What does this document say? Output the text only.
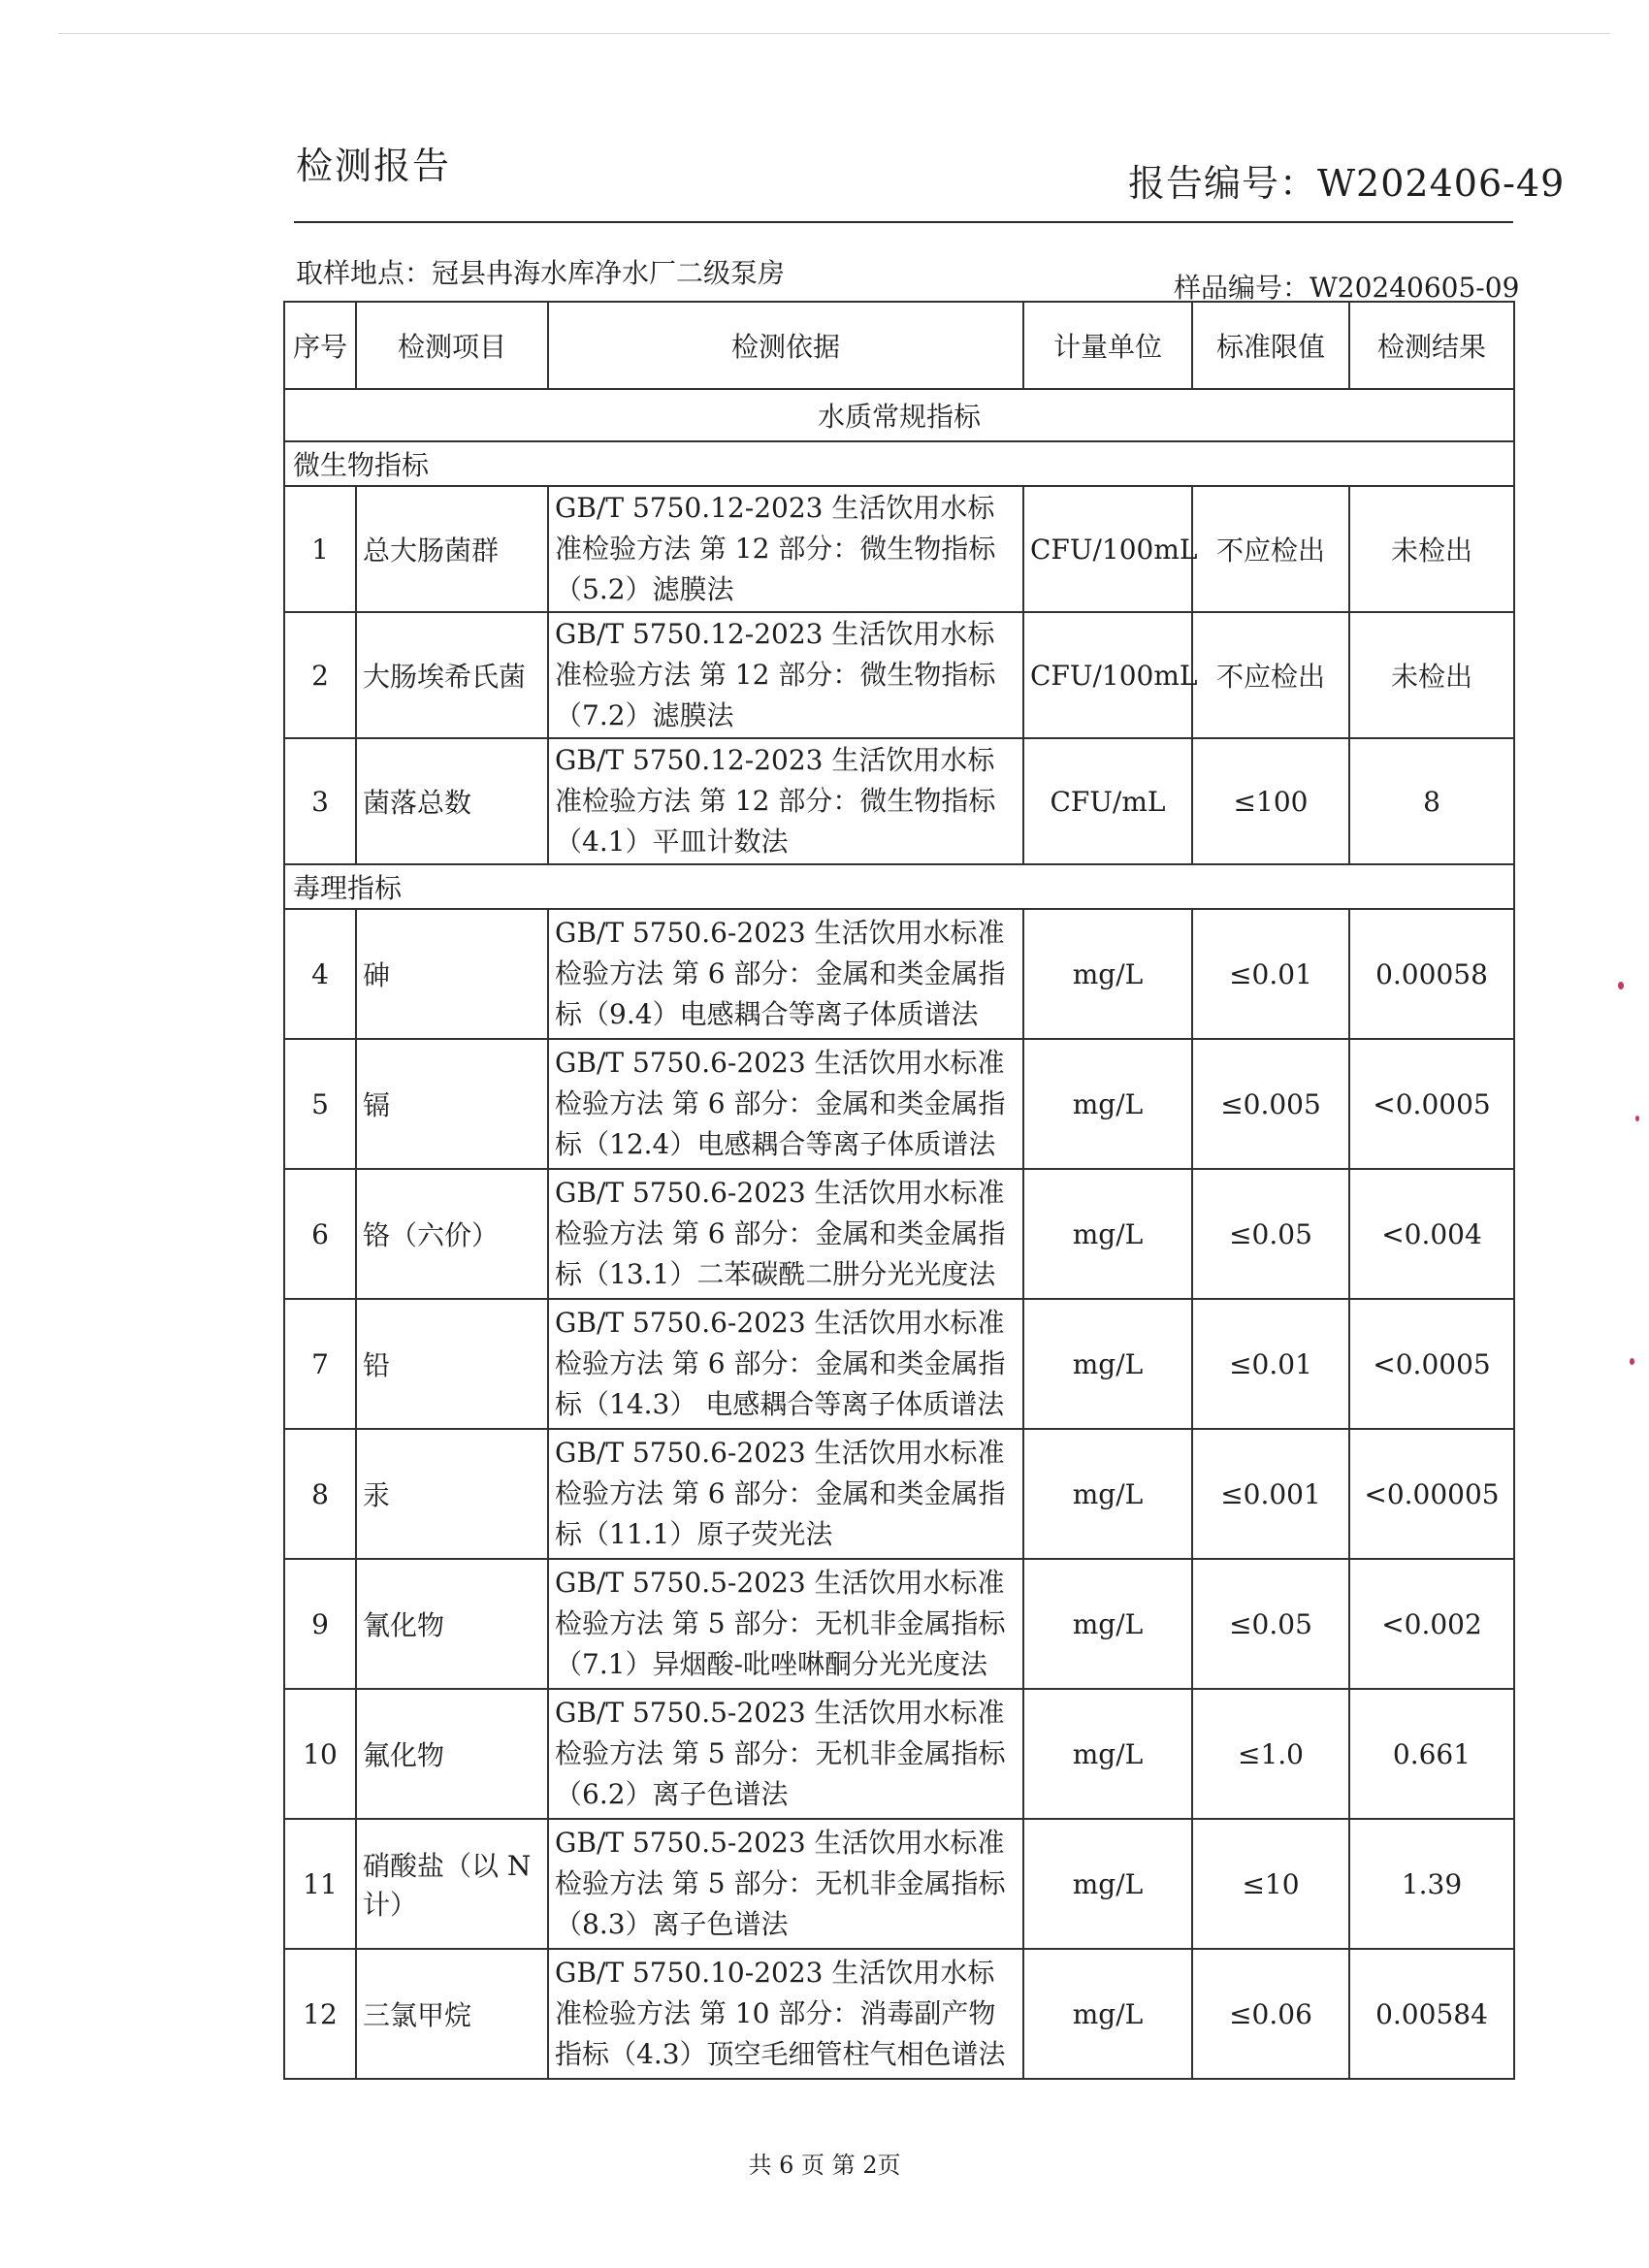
检测报告	报告编号：W202406-49
取样地点：冠县冉海水库净水厂二级泵房	样品编号：W20240605-09
序号	检测项目	检测依据	计量单位	标准限值	检测结果
水质常规指标					
微生物指标					
1	总大肠菌群	GB/T 5750.12-2023 生活饮用水标准检验方法 第 12 部分：微生物指标（5.2）滤膜法	CFU/100mL	不应检出	未检出
2	大肠埃希氏菌	GB/T 5750.12-2023 生活饮用水标准检验方法 第 12 部分：微生物指标（7.2）滤膜法	CFU/100mL	不应检出	未检出
3	菌落总数	GB/T 5750.12-2023 生活饮用水标准检验方法 第 12 部分：微生物指标（4.1）平皿计数法	CFU/mL	≤100	8
毒理指标					
4	砷	GB/T 5750.6-2023 生活饮用水标准检验方法 第 6 部分：金属和类金属指标（9.4）电感耦合等离子体质谱法	mg/L	≤0.01	0.00058
5	镉	GB/T 5750.6-2023 生活饮用水标准检验方法 第 6 部分：金属和类金属指标（12.4）电感耦合等离子体质谱法	mg/L	≤0.005	<0.0005
6	铬（六价）	GB/T 5750.6-2023 生活饮用水标准检验方法 第 6 部分：金属和类金属指标（13.1）二苯碳酰二肼分光光度法	mg/L	≤0.05	<0.004
7	铅	GB/T 5750.6-2023 生活饮用水标准检验方法 第 6 部分：金属和类金属指标（14.3） 电感耦合等离子体质谱法	mg/L	≤0.01	<0.0005
8	汞	GB/T 5750.6-2023 生活饮用水标准检验方法 第 6 部分：金属和类金属指标（11.1）原子荧光法	mg/L	≤0.001	<0.00005
9	氰化物	GB/T 5750.5-2023 生活饮用水标准检验方法 第 5 部分：无机非金属指标（7.1）异烟酸-吡唑啉酮分光光度法	mg/L	≤0.05	<0.002
10	氟化物	GB/T 5750.5-2023 生活饮用水标准检验方法 第 5 部分：无机非金属指标（6.2）离子色谱法	mg/L	≤1.0	0.661
11	硝酸盐（以 N 计）	GB/T 5750.5-2023 生活饮用水标准检验方法 第 5 部分：无机非金属指标（8.3）离子色谱法	mg/L	≤10	1.39
12	三氯甲烷	GB/T 5750.10-2023 生活饮用水标准检验方法 第 10 部分：消毒副产物指标（4.3）顶空毛细管柱气相色谱法	mg/L	≤0.06	0.00584
共 6 页 第 2页
